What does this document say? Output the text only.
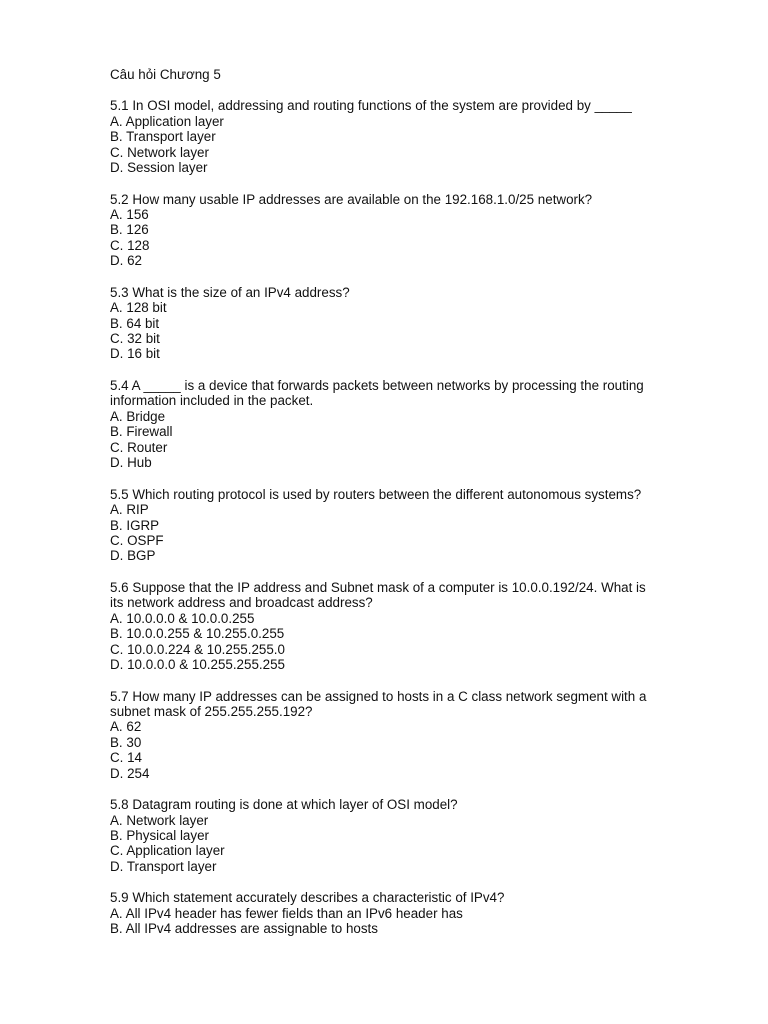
Câu hỏi Chương 5
5.1 In OSI model, addressing and routing functions of the system are provided by _____
A. Application layer
B. Transport layer
C. Network layer
D. Session layer
5.2 How many usable IP addresses are available on the 192.168.1.0/25 network?
A. 156
B. 126
C. 128
D. 62
5.3 What is the size of an IPv4 address?
A. 128 bit
B. 64 bit
C. 32 bit
D. 16 bit
5.4 A _____ is a device that forwards packets between networks by processing the routing
information included in the packet.
A. Bridge
B. Firewall
C. Router
D. Hub
5.5 Which routing protocol is used by routers between the different autonomous systems?
A. RIP
B. IGRP
C. OSPF
D. BGP
5.6 Suppose that the IP address and Subnet mask of a computer is 10.0.0.192/24. What is
its network address and broadcast address?
A. 10.0.0.0 & 10.0.0.255
B. 10.0.0.255 & 10.255.0.255
C. 10.0.0.224 & 10.255.255.0
D. 10.0.0.0 & 10.255.255.255
5.7 How many IP addresses can be assigned to hosts in a C class network segment with a
subnet mask of 255.255.255.192?
A. 62
B. 30
C. 14
D. 254
5.8 Datagram routing is done at which layer of OSI model?
A. Network layer
B. Physical layer
C. Application layer
D. Transport layer
5.9 Which statement accurately describes a characteristic of IPv4?
A. All IPv4 header has fewer fields than an IPv6 header has
B. All IPv4 addresses are assignable to hosts
